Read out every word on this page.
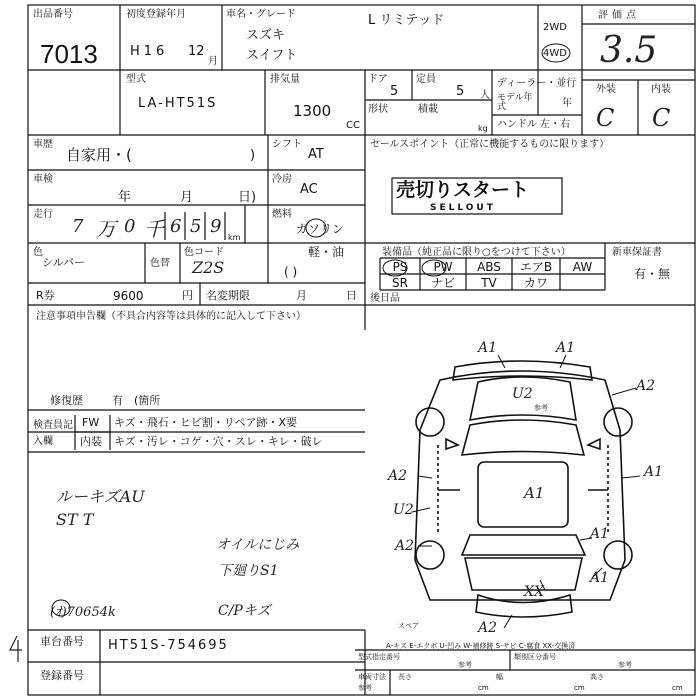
出品番号
7013
初度登録年月
H16 12
月
車名・グレード	L リミテッド
スズキ
スイフト
2WD
4WD
評価点
3.5
外装	内装
C C
型式
LA-HT51S
排気量
1300
CC
ドア
5
定員
5 人
形状	積載
kg
ディーラー・並行
モデル年式	年
ハンドル 左・右
車歴
自家用・(	)
シフト
AT
冷房
AC
車検
年	月	日)
走行
7 万 0 千 6 5 9
km
燃料
ガソリン
軽・油
( )
色
シルバー	色替
色コード
Z2S
R券	9600	円 名変期限	月	日
注意事項申告欄（不具合内容等は具体的に記入して下さい）
修復歴	有 (箇所
検査員記入欄
FW キズ・飛石・ヒビ割・リペア跡・X要
内装 キズ・汚レ・コゲ・穴・スレ・キレ・破レ
ルーキズAU
ST T
オイルにじみ
下廻りS1
C/Pキズ
(ｵ)70654k
車台番号 HT51S-754695
登録番号
セールスポイント（正常に機能するものに限ります）
売切りスタート
SELLOUT
装備品（純正品に限り○をつけて下さい）	新車保証書
PS	PW	ABS	エアB	AW
SR	ナビ	TV	カワ
有・無
後日品
A1	A1
A2
U2
参考
A1
A2
A1
U2
A2
A1
A1
XX
A2
スペア
A-キズ E-エクボ U-凹み W-補修跡 S-サビ C-腐食 XX-交換済
型式指定番号
参考
類別区分番号
参考
車両寸法
参考
長さ
cm
幅
cm
高さ
cm
